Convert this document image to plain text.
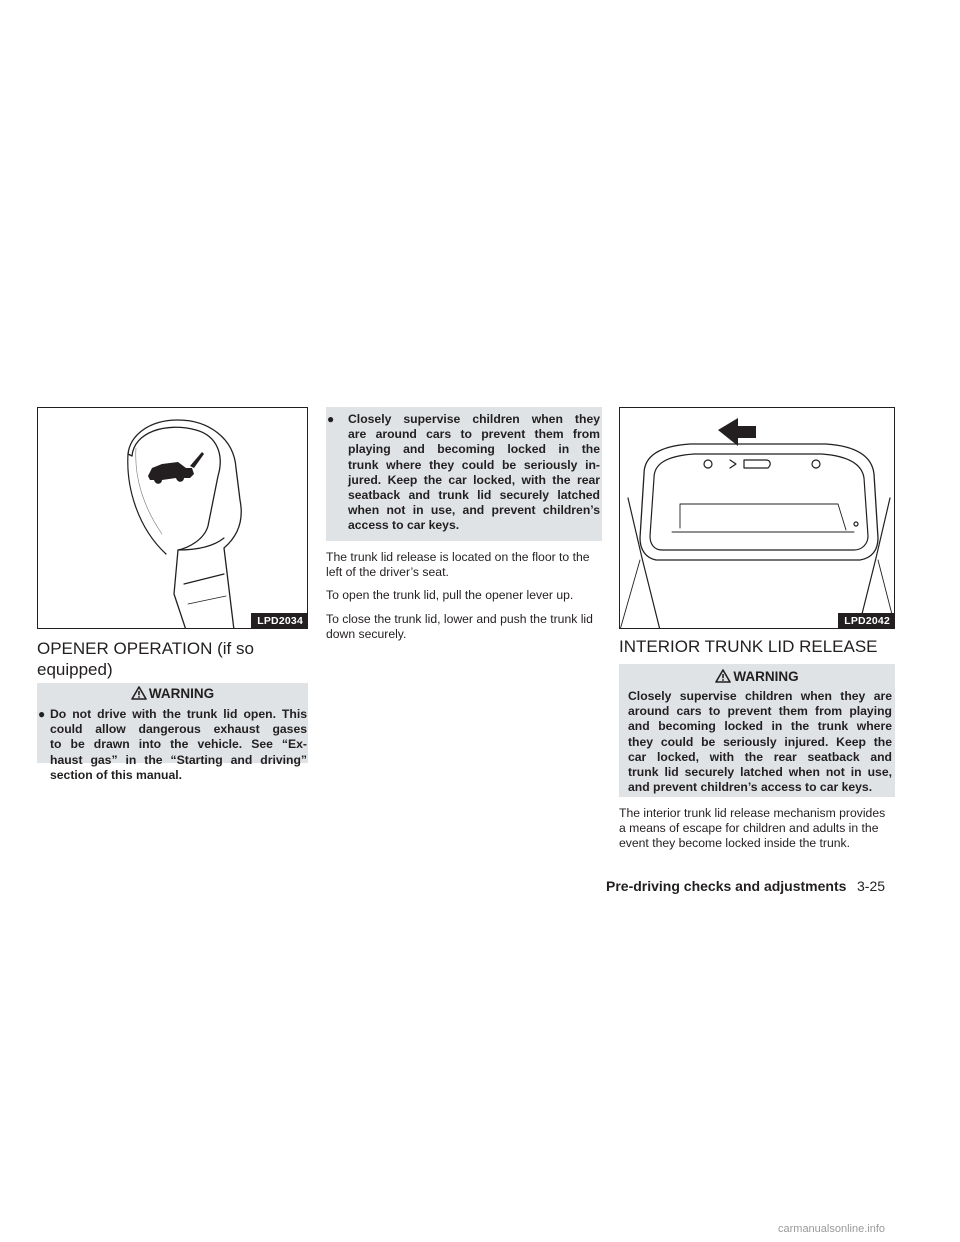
LPD2034
OPENER OPERATION (if so
equipped)
WARNING
● Do not drive with the trunk lid open. This
could allow dangerous exhaust gases
to be drawn into the vehicle. See “Ex-
haust gas” in the “Starting and driving”
section of this manual.
● Closely supervise children when they
are around cars to prevent them from
playing and becoming locked in the
trunk where they could be seriously in-
jured. Keep the car locked, with the rear
seatback and trunk lid securely latched
when not in use, and prevent children’s
access to car keys.

The trunk lid release is located on the floor to the
left of the driver’s seat.

To open the trunk lid, pull the opener lever up.

To close the trunk lid, lower and push the trunk lid
down securely.

LPD2042
INTERIOR TRUNK LID RELEASE
WARNING
Closely supervise children when they are
around cars to prevent them from playing
and becoming locked in the trunk where
they could be seriously injured. Keep the
car locked, with the rear seatback and
trunk lid securely latched when not in use,
and prevent children’s access to car keys.

The interior trunk lid release mechanism provides
a means of escape for children and adults in the
event they become locked inside the trunk.

Pre-driving checks and adjustments 3-25
carmanualsonline.info
